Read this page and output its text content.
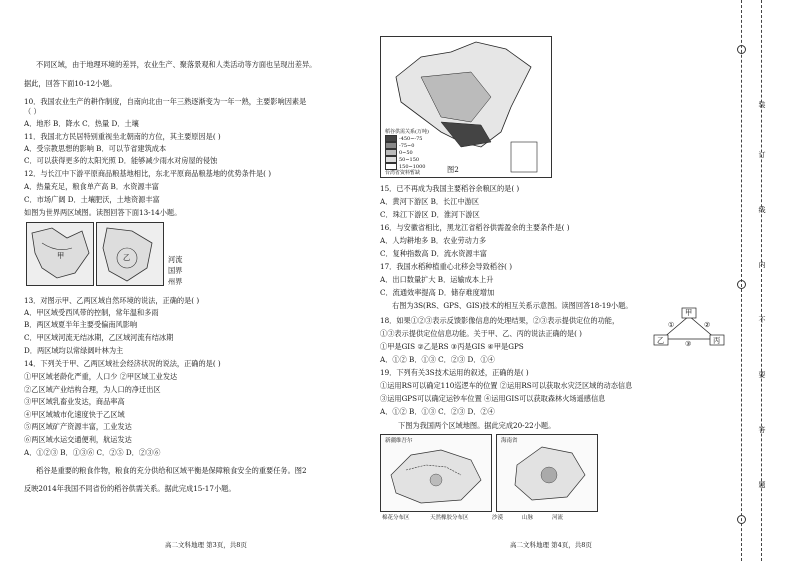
不同区域，由于地理环境的差异，农业生产、聚落景观和人类活动等方面也呈现出差异。
据此，回答下面10-12小题。
10．我国农业生产的耕作制度，自南向北由一年三熟逐渐变为一年一熟，主要影响因素是
（ ）
A．地形 B．降水 C．热量 D．土壤
11．我国北方民居特别重视坐北朝南的方位，其主要原因是( )
A．受宗教思想的影响 B．可以节省建筑成本
C．可以获得更多的太阳光照 D．能够减少雨水对房屋的侵蚀
12．与长江中下游平原商品粮基地相比，东北平原商品粮基地的优势条件是( )
A．热量充足，粮食单产高 B．水资源丰富
C．市场广阔 D．土壤肥沃，土地资源丰富
如图为世界两区域图。读图回答下面13-14小题。
甲	乙	河流
国界
州界
13．对图示甲、乙两区域自然环境的说法，正确的是( )
A．甲区域受西风带的控制，常年温和多雨
B．两区域夏半年主要受偏南风影响
C．甲区域河流无结冰期，乙区域河流有结冰期
D．两区域均以常绿阔叶林为主
14．下列关于甲、乙两区域社会经济状况的说法，正确的是( )
①甲区域老龄化严重，人口少 ②甲区域工业发达
②乙区域产业结构合理，为人口的净迁出区
③甲区域乳畜业发达，商品率高
④甲区域城市化速度快于乙区域
⑤两区域矿产资源丰富，工业发达
⑥两区域水运交通便利，航运发达
A．①②③ B．①③⑥ C．②⑤ D．②③⑥
稻谷是重要的粮食作物，粮食的充分供给和区域平衡是保障粮食安全的重要任务。图2
反映2014年我国不同省份的稻谷供需关系。据此完成15-17小题。
图2
稻谷供需关系(万吨)
-450~-75
-75~0
0~50
50~150
150~1000
台湾省资料暂缺
15．已不再成为我国主要稻谷余粮区的是( )
A．黄河下游区 B．长江中游区
C．珠江下游区 D．淮河下游区
16．与安徽省相比，黑龙江省稻谷供需盈余的主要条件是( )
A．人均耕地多 B．农业劳动力多
C．复种指数高 D．流水资源丰富
17．我国水稻种植重心北移会导致稻谷( )
A．出口数量扩大 B．运输成本上升
C．流通效率提高 D．储存难度增加
右图为3S(RS、GPS、GIS)技术的相互关系示意图。读图回答18-19小题。
甲
乙	丙
①	②
③
18．如果①②③表示反馈影像信息的处理结果，②③表示提供定位的功能，
①③表示提供定位信息功能。关于甲、乙、丙的说法正确的是( )
①甲是GIS ②乙是RS ③丙是GIS ④甲是GPS
A．①② B．①③ C．②③ D．①④
19．下列有关3S技术运用的叙述，正确的是( )
①运用RS可以确定110巡逻车的位置 ②运用RS可以获取水灾泛区域的动态信息
③运用GPS可以确定运钞车位置 ④运用GIS可以获取森林火场遥感信息
A．①② B．①③ C．②③ D．②④
下图为我国两个区域地图。据此完成20-22小题。
新疆维吾尔	海南省
棉花分布区	天然橡胶分布区	沙漠	山脉	河流
高二文科地理 第3页，共8页	高二文科地理 第4页，共8页
装
订
线
内
不
要
答
题
